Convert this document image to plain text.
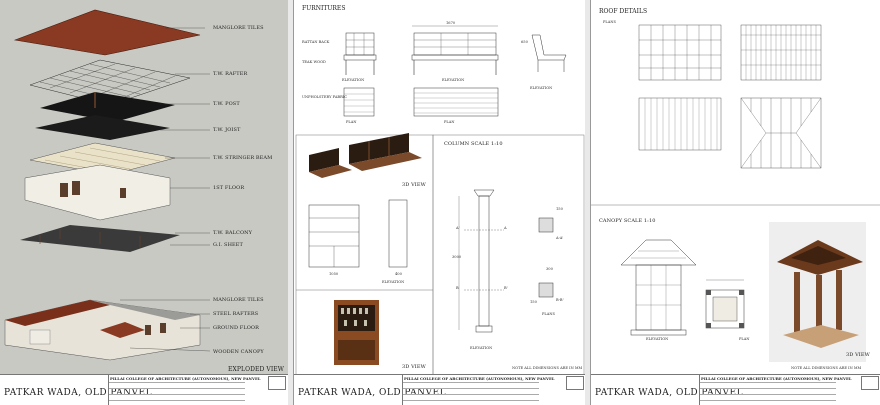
MANGLORE TILES
T.W. RAFTER
T.W. POST
T.W. JOIST
T.W. STRINGER BEAM
1ST FLOOR
T.W. BALCONY
G.I. SHEET
MANGLORE TILES
STEEL RAFTERS
GROUND FLOOR
WOODEN CANOPY
EXPLODED VIEW
PATKAR WADA, OLD PANVEL
PILLAI COLLEGE OF ARCHITECTURE (AUTONOMOUS), NEW PANVEL
FURNITURES
RATTAN BACK
TEAK WOOD
UNPHOLSTERY FABRIC
ELEVATION	ELEVATION
ELEVATION
PLAN	PLAN
1670
650
3D VIEW
1050	400
ELEVATION
3D VIEW
COLUMN SCALE 1:10
3000
150
300
150
A'	A
A-A'
B-B'
B	B'
PLANS
ELEVATION
NOTE ALL DIMENSIONS ARE IN MM
PATKAR WADA, OLD PANVEL
PILLAI COLLEGE OF ARCHITECTURE (AUTONOMOUS), NEW PANVEL
ROOF DETAILS
PLANS
CANOPY SCALE 1:10
ELEVATION	PLAN
3D VIEW
NOTE ALL DIMENSIONS ARE IN MM
PATKAR WADA, OLD PANVEL
PILLAI COLLEGE OF ARCHITECTURE (AUTONOMOUS), NEW PANVEL
